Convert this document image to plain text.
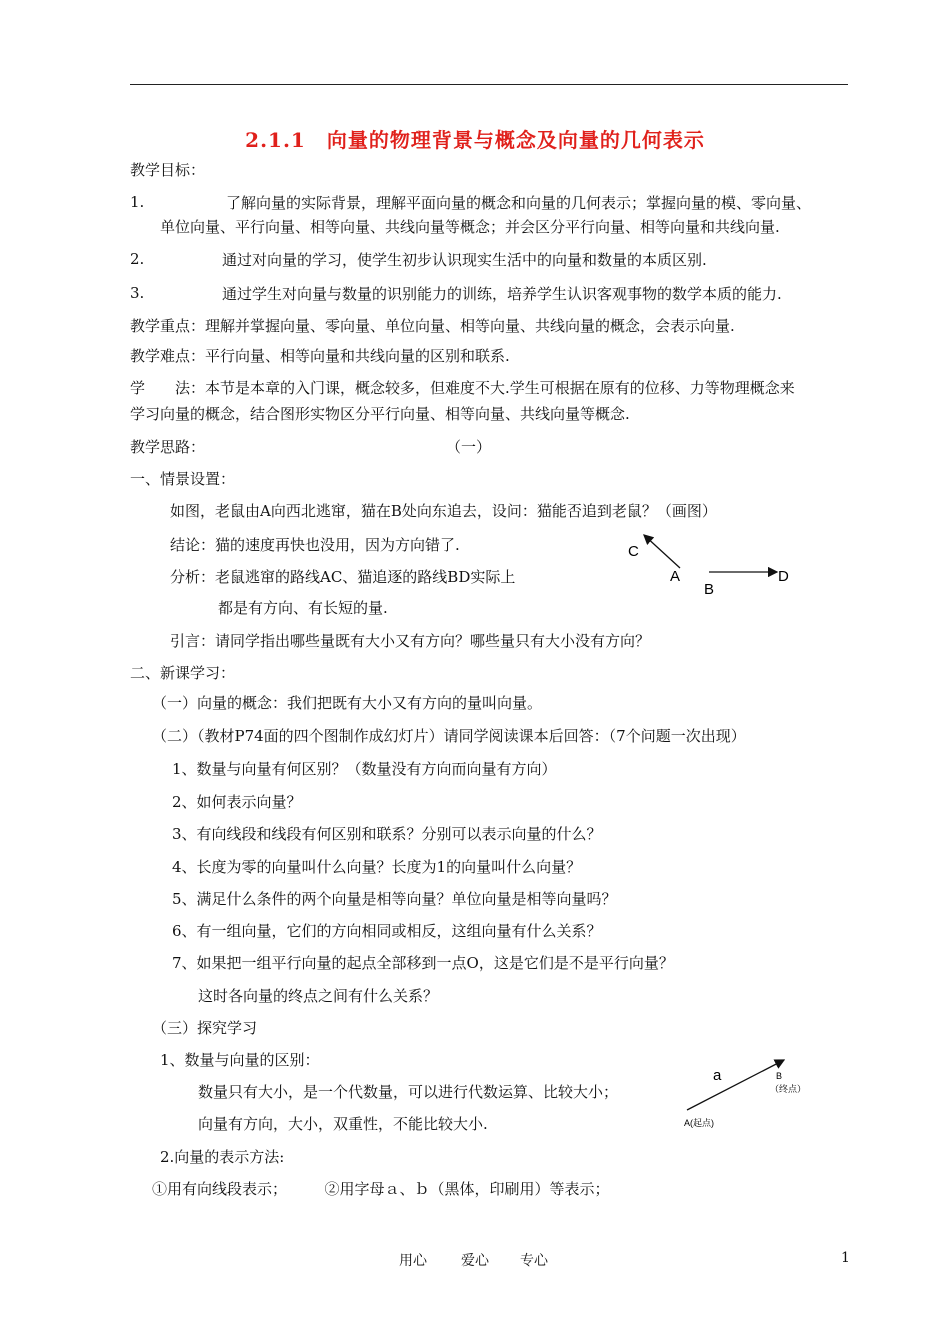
2.1.1　向量的物理背景与概念及向量的几何表示
教学目标：
1.	了解向量的实际背景，理解平面向量的概念和向量的几何表示；掌握向量的模、零向量、
单位向量、平行向量、相等向量、共线向量等概念；并会区分平行向量、相等向量和共线向量.
2.	通过对向量的学习，使学生初步认识现实生活中的向量和数量的本质区别.
3.	通过学生对向量与数量的识别能力的训练，培养学生认识客观事物的数学本质的能力.
教学重点：理解并掌握向量、零向量、单位向量、相等向量、共线向量的概念，会表示向量.
教学难点：平行向量、相等向量和共线向量的区别和联系.
学　　法：本节是本章的入门课，概念较多，但难度不大.学生可根据在原有的位移、力等物理概念来
学习向量的概念，结合图形实物区分平行向量、相等向量、共线向量等概念.
教学思路：	（一）
一、情景设置：
如图，老鼠由A向西北逃窜，猫在B处向东追去，设问：猫能否追到老鼠？（画图）
结论：猫的速度再快也没用，因为方向错了.
分析：老鼠逃窜的路线AC、猫追逐的路线BD实际上
都是有方向、有长短的量.
引言：请同学指出哪些量既有大小又有方向？哪些量只有大小没有方向？
C
A
B
D
二、新课学习：
（一）向量的概念：我们把既有大小又有方向的量叫向量。
（二）（教材P74面的四个图制作成幻灯片）请同学阅读课本后回答：（7个问题一次出现）
1、数量与向量有何区别？（数量没有方向而向量有方向）
2、如何表示向量？
3、有向线段和线段有何区别和联系？分别可以表示向量的什么？
4、长度为零的向量叫什么向量？长度为1的向量叫什么向量？
5、满足什么条件的两个向量是相等向量？单位向量是相等向量吗？
6、有一组向量，它们的方向相同或相反，这组向量有什么关系？
7、如果把一组平行向量的起点全部移到一点O，这是它们是不是平行向量？
这时各向量的终点之间有什么关系？
（三）探究学习
1、数量与向量的区别：
数量只有大小，是一个代数量，可以进行代数运算、比较大小；
向量有方向，大小，双重性，不能比较大小.
a	B
（终点）
A(起点)
2.向量的表示方法:
①用有向线段表示；　　　②用字母ａ、ｂ（黑体，印刷用）等表示；
用心 爱心 专心	1
